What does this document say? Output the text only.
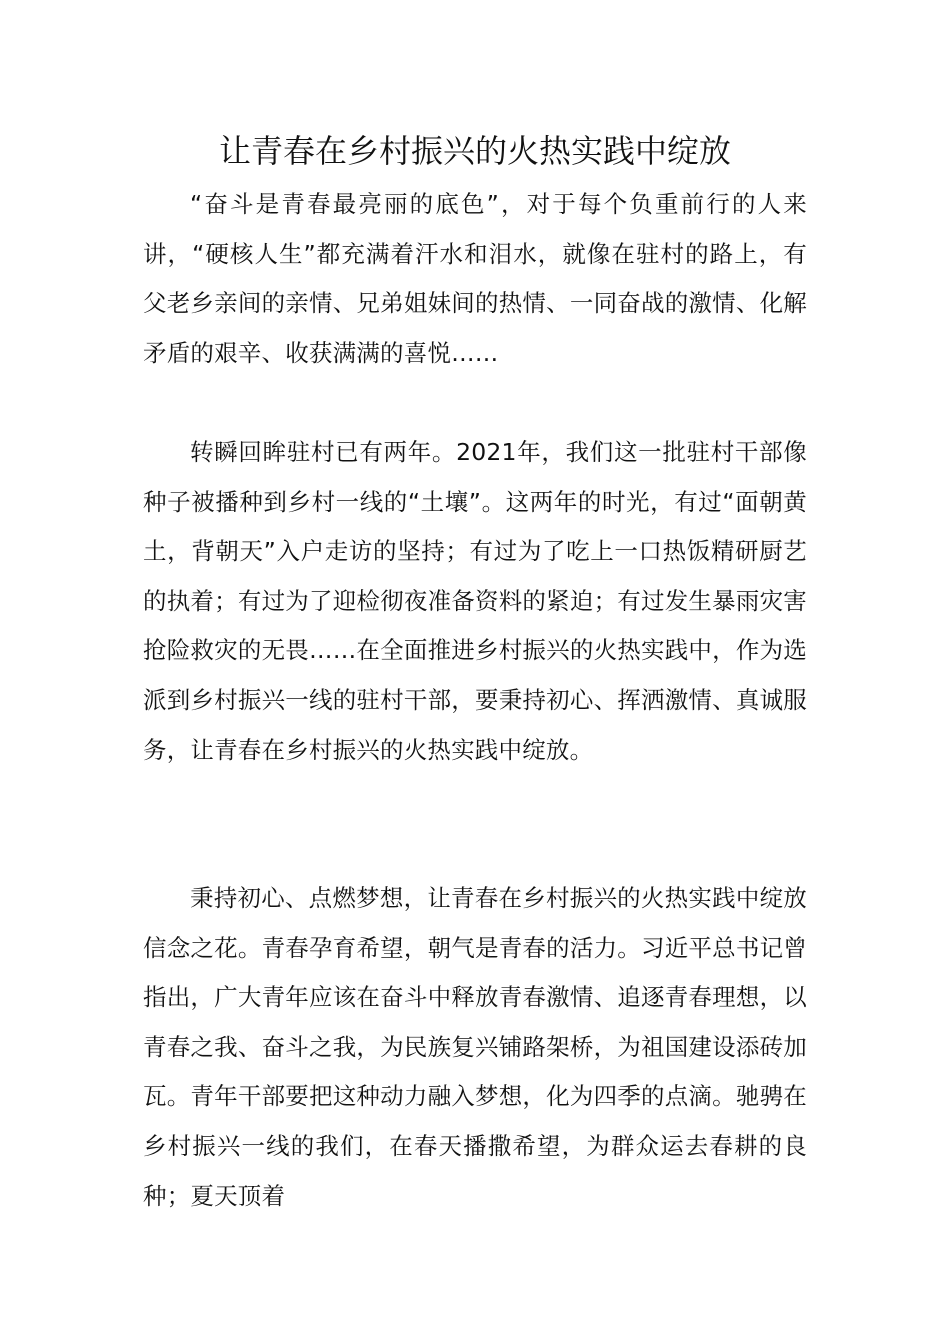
让青春在乡村振兴的火热实践中绽放

“奋斗是青春最亮丽的底色”，对于每个负重前行的人来讲，“硬核人生”都充满着汗水和泪水，就像在驻村的路上，有父老乡亲间的亲情、兄弟姐妹间的热情、一同奋战的激情、化解矛盾的艰辛、收获满满的喜悦……

转瞬回眸驻村已有两年。2021年，我们这一批驻村干部像种子被播种到乡村一线的“土壤”。这两年的时光，有过“面朝黄土，背朝天”入户走访的坚持；有过为了吃上一口热饭精研厨艺的执着；有过为了迎检彻夜准备资料的紧迫；有过发生暴雨灾害抢险救灾的无畏……在全面推进乡村振兴的火热实践中，作为选派到乡村振兴一线的驻村干部，要秉持初心、挥洒激情、真诚服务，让青春在乡村振兴的火热实践中绽放。

秉持初心、点燃梦想，让青春在乡村振兴的火热实践中绽放信念之花。青春孕育希望，朝气是青春的活力。习近平总书记曾指出，广大青年应该在奋斗中释放青春激情、追逐青春理想，以青春之我、奋斗之我，为民族复兴铺路架桥，为祖国建设添砖加瓦。青年干部要把这种动力融入梦想，化为四季的点滴。驰骋在乡村振兴一线的我们，在春天播撒希望，为群众运去春耕的良种；夏天顶着
